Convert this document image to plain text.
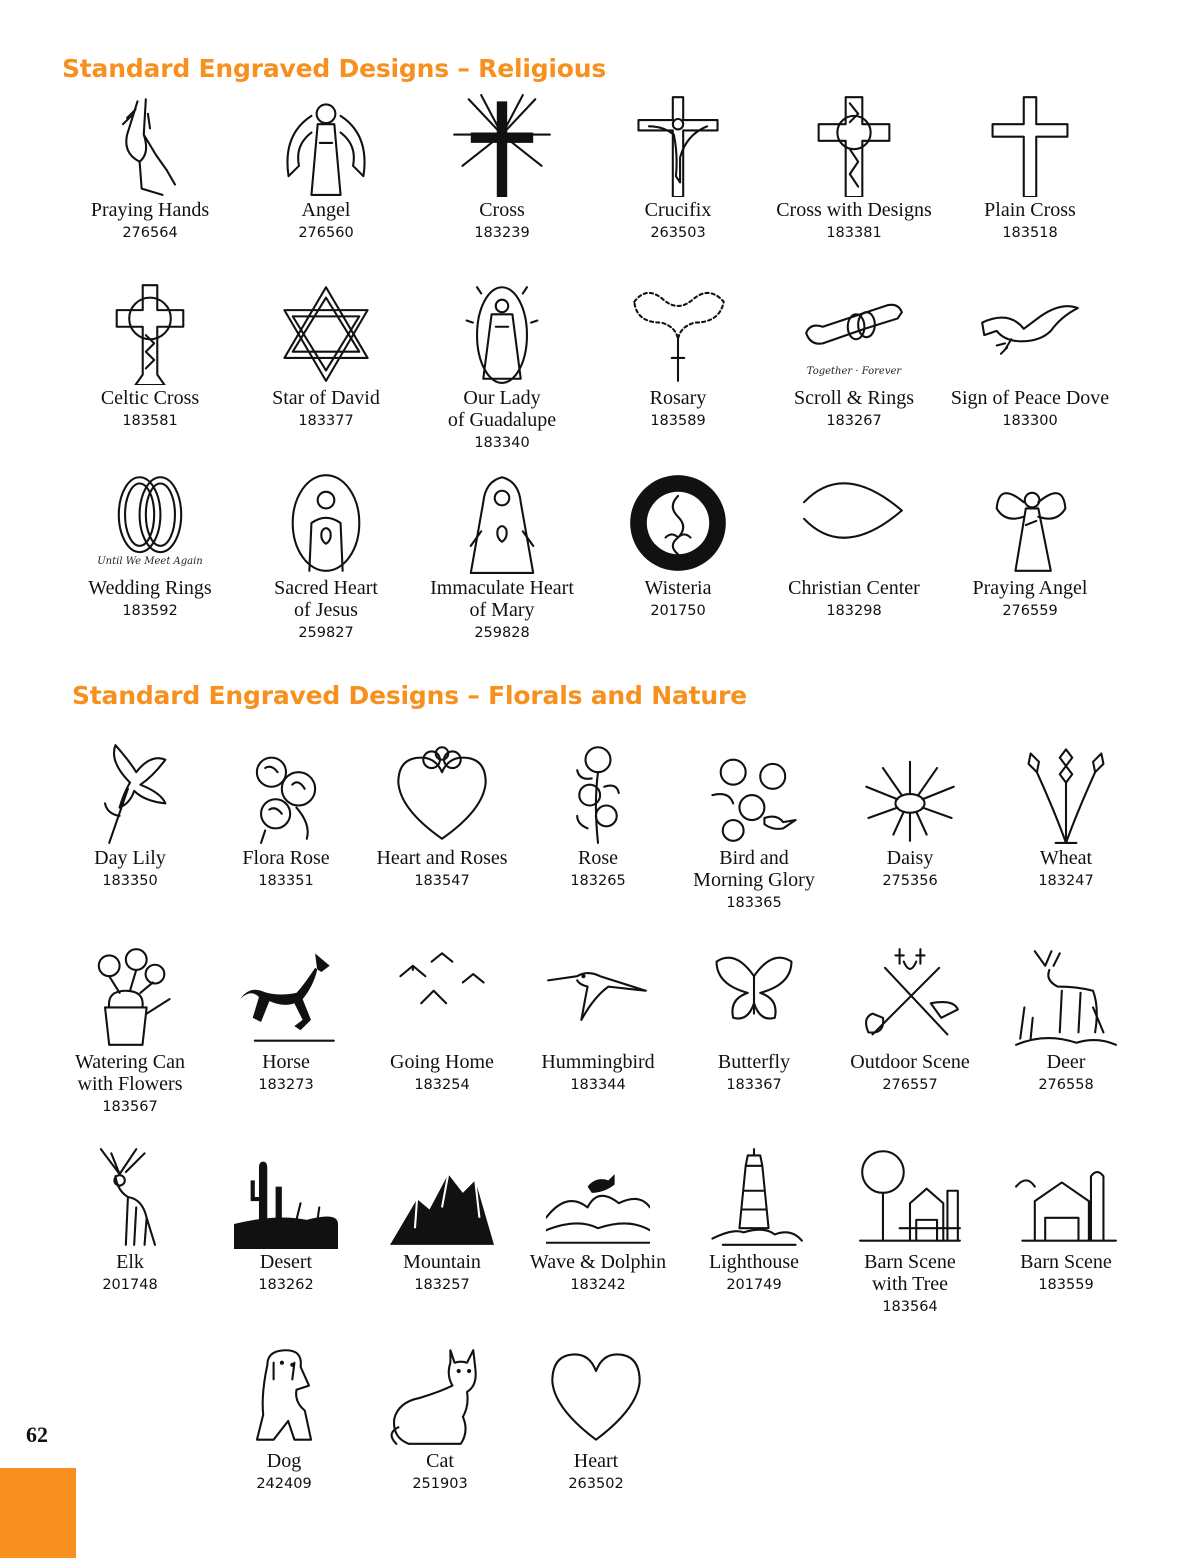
Standard Engraved Designs – Religious
Praying Hands
276564
Angel
276560
Cross
183239
Crucifix
263503
Cross with Designs
183381
Plain Cross
183518
Celtic Cross
183581
Star of David
183377
Our Lady
of Guadalupe
183340
Rosary
183589
Together · Forever
Scroll & Rings
183267
Sign of Peace Dove
183300
Until We Meet Again
Wedding Rings
183592
Sacred Heart
of Jesus
259827
Immaculate Heart
of Mary
259828
Wisteria
201750
Christian Center
183298
Praying Angel
276559
Standard Engraved Designs – Florals and Nature
Day Lily
183350
Flora Rose
183351
Heart and Roses
183547
Rose
183265
Bird and
Morning Glory
183365
Daisy
275356
Wheat
183247
Watering Can
with Flowers
183567
Horse
183273
Going Home
183254
Hummingbird
183344
Butterfly
183367
Outdoor Scene
276557
Deer
276558
Elk
201748
Desert
183262
Mountain
183257
Wave & Dolphin
183242
Lighthouse
201749
Barn Scene
with Tree
183564
Barn Scene
183559
Dog
242409
Cat
251903
Heart
263502
62
